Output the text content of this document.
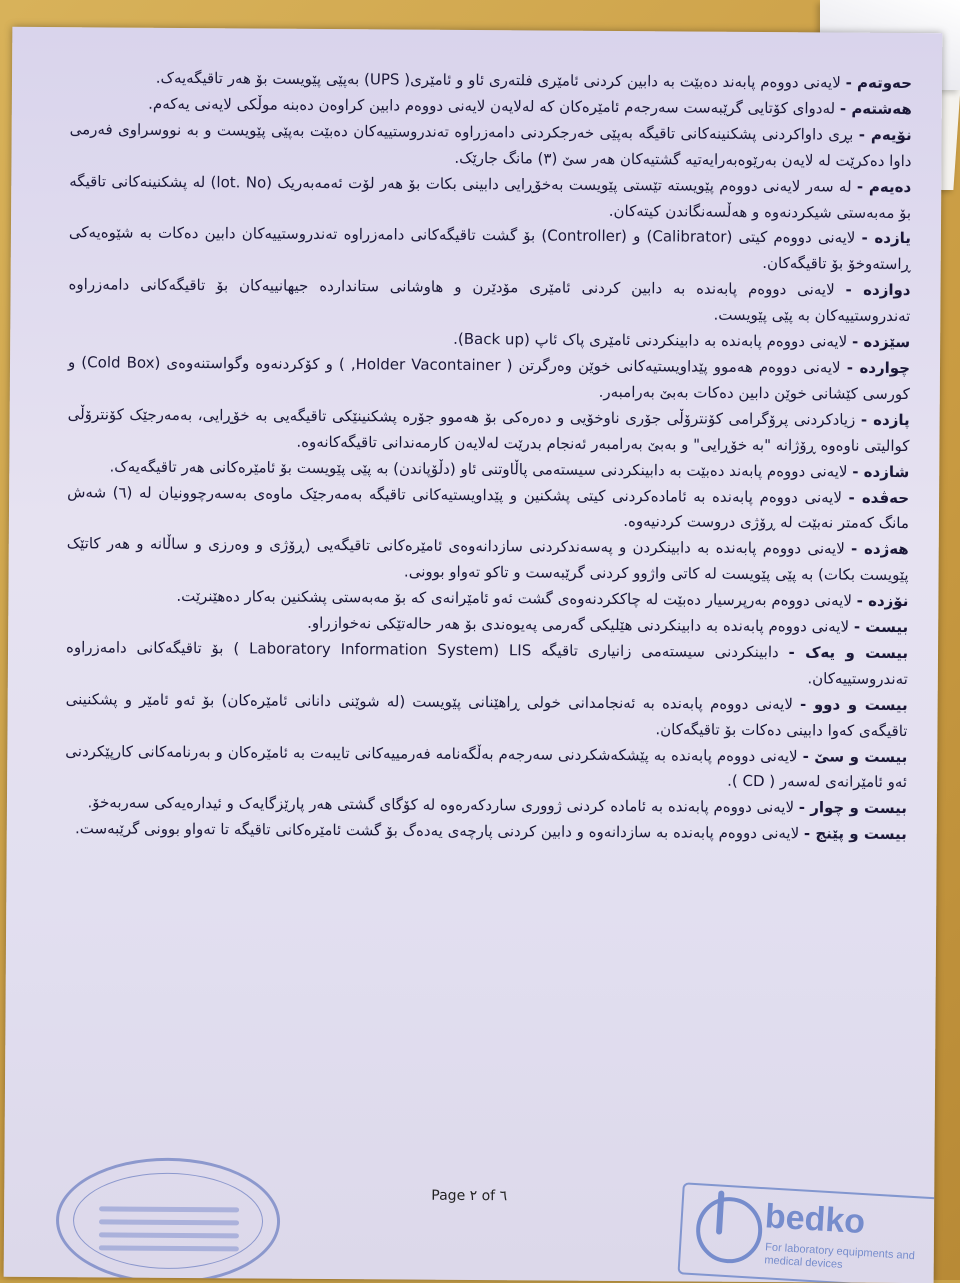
حەوتەم - لایەنی دووەم پابەند دەبێت بە دابین کردنی ئامێری فلتەری ئاو و ئامێری( UPS) بەپێی پێویست بۆ هەر تاقیگەیەک.

هەشتەم - لەدوای کۆتایی گرێبەست سەرجەم ئامێرەکان کە لەلایەن لایەنی دووەم دابین کراوەن دەبنە موڵکی لایەنی یەکەم.

نۆیەم - بڕی داواکردنی پشکنینەکانی تاقیگە بەپێی خەرجکردنی دامەزراوە تەندروستییەکان دەبێت بەپێی پێویست و بە نووسراوی فەرمی داوا دەکرێت لە لایەن بەرێوەبەرایەتیە گشتیەکان هەر سێ (٣) مانگ جارێک.

دەیەم - لە سەر لایەنی دووەم پێویستە تێستی پێویست بەخۆڕایی دابینی بکات بۆ هەر لۆت ئەمەبەریک (lot. No) لە پشکنینەکانی تاقیگە بۆ مەبەستی شیکردنەوە و هەڵسەنگاندن کیتەکان.

یازدە - لایەنی دووەم کیتی (Calibrator) و (Controller) بۆ گشت تاقیگەکانی دامەزراوە تەندروستییەکان دابین دەکات بە شێوەیەکی ڕاستەوخۆ بۆ تاقیگەکان.

دوازدە - لایەنی دووەم پابەندە بە دابین کردنی ئامێری مۆدێرن و هاوشانی ستانداردە جیهانییەکان بۆ تاقیگەکانی دامەزراوە تەندروستییەکان بە پێی پێویست.

سێزدە - لایەنی دووەم پابەندە بە دابینکردنی ئامێری پاک ئاپ (Back up).

چواردە - لایەنی دووەم هەموو پێداویستیەکانی خوێن وەرگرتن ( Holder Vacontainer, ) و کۆکردنەوە وگواستنەوەی (Cold Box) و کورسی کێشانی خوێن دابین دەکات بەبێ بەرامبەر.

پازدە - زیادکردنی پرۆگرامی کۆنترۆڵی جۆری ناوخۆیی و دەرەکی بۆ هەموو جۆرە پشکنینێکی تاقیگەیی بە خۆڕایی، بەمەرجێک کۆنترۆڵی کوالیتی ناوەوە ڕۆژانە "بە خۆڕایی" و بەبێ بەرامبەر ئەنجام بدرێت لەلایەن کارمەندانی تاقیگەکانەوە.

شازدە - لایەنی دووەم پابەند دەبێت بە دابینکردنی سیستەمی پاڵاوتنی ئاو (دڵۆپاندن) بە پێی پێویست بۆ ئامێرەکانی هەر تاقیگەیەک.

حەڤدە - لایەنی دووەم پابەندە بە ئامادەکردنی کیتی پشکنین و پێداویستیەکانی تاقیگە بەمەرجێک ماوەی بەسەرچوونیان لە (٦) شەش مانگ کەمتر نەبێت لە ڕۆژی دروست کردنیەوە.

هەژدە - لایەنی دووەم پابەندە بە دابینکردن و پەسەندکردنی سازدانەوەی ئامێرەکانی تاقیگەیی (ڕۆژی و وەرزی و ساڵانە و هەر کاتێک پێویست بکات) بە پێی پێویست لە کاتی واژوو کردنی گرێبەست و تاکو تەواو بوونی.

نۆزدە - لایەنی دووەم بەرپرسیار دەبێت لە چاککردنەوەی گشت ئەو ئامێرانەی کە بۆ مەبەستی پشکنین بەکار دەهێنرێت.

بیست - لایەنی دووەم پابەندە بە دابینکردنی هێلیکی گەرمی پەیوەندی بۆ هەر حالەتێکی نەخوازراو.

بیست و یەک - دابینکردنی سیستەمی زانیاری تاقیگە Laboratory Information System) LIS ) بۆ تاقیگەکانی دامەزراوە تەندروستییەکان.

بیست و دوو - لایەنی دووەم پابەندە بە ئەنجامدانی خولی ڕاهێنانی پێویست (لە شوێنی دانانی ئامێرەکان) بۆ ئەو ئامێر و پشکنینی تاقیگەی کەوا دابینی دەکات بۆ تاقیگەکان.

بیست و سێ - لایەنی دووەم پابەندە بە پێشکەشکردنی سەرجەم بەڵگەنامە فەرمییەکانی تایبەت بە ئامێرەکان و بەرنامەکانی کارپێکردنی ئەو ئامێرانەی لەسەر ( CD ).

بیست و چوار - لایەنی دووەم پابەندە بە ئامادە کردنی ژووری ساردکەرەوە لە کۆگای گشتی هەر پارێزگایەک و ئیدارەیەکی سەربەخۆ.

بیست و پێنج - لایەنی دووەم پابەندە بە سازدانەوە و دابین کردنی پارچەی یەدەگ بۆ گشت ئامێرەکانی تاقیگە تا تەواو بوونی گرێبەست.

Page ٢ of ٦
bedko
For laboratory equipments and medical devices
